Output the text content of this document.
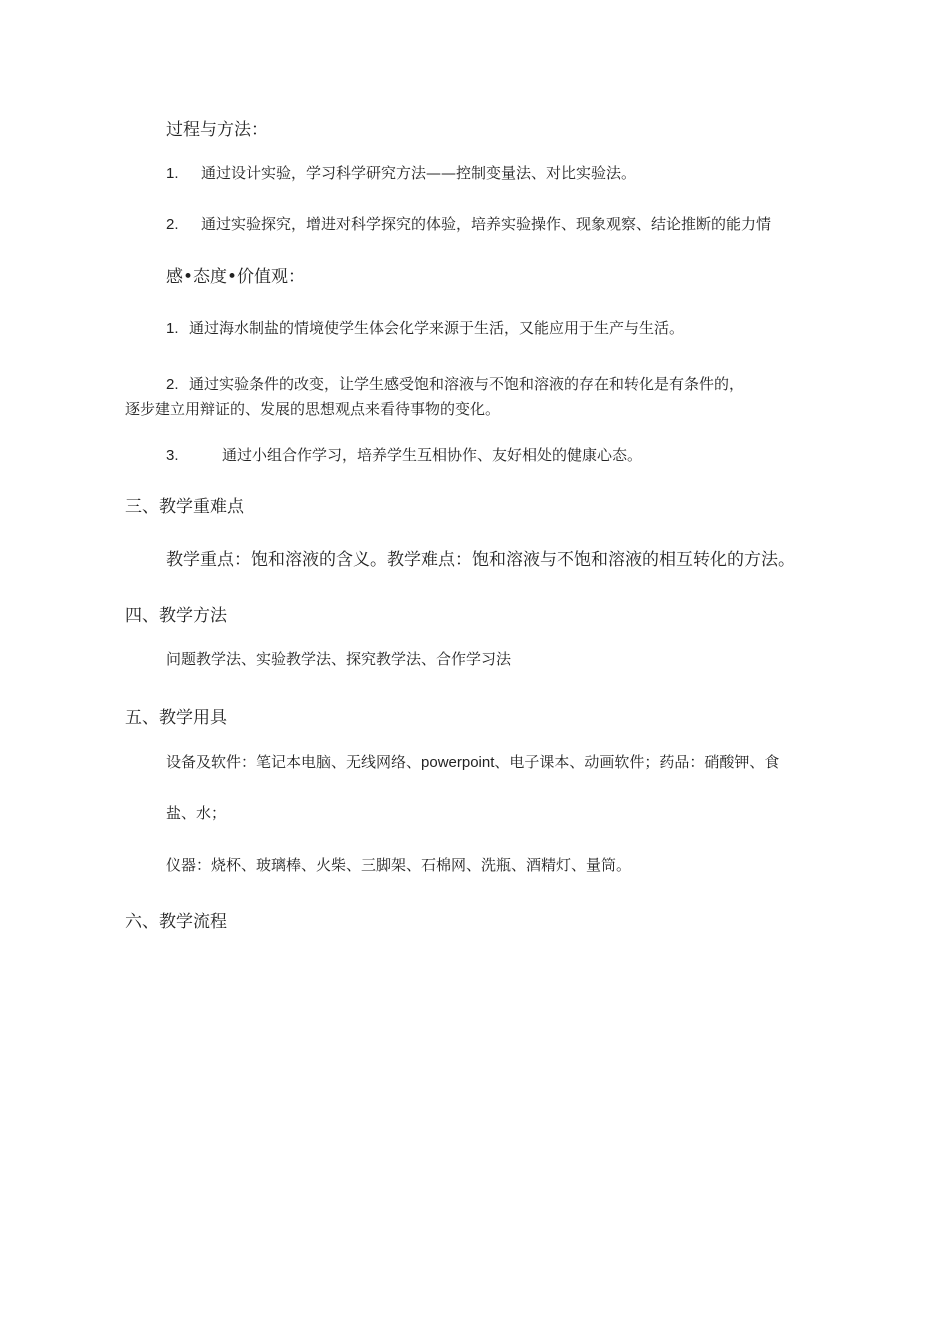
过程与方法：
1. 通过设计实验，学习科学研究方法——控制变量法、对比实验法。
2. 通过实验探究，增进对科学探究的体验，培养实验操作、现象观察、结论推断的能力情
感•态度•价值观：
1. 通过海水制盐的情境使学生体会化学来源于生活，又能应用于生产与生活。
2. 通过实验条件的改变，让学生感受饱和溶液与不饱和溶液的存在和转化是有条件的，
逐步建立用辩证的、发展的思想观点来看待事物的变化。
3.	通过小组合作学习，培养学生互相协作、友好相处的健康心态。
三、教学重难点
教学重点：饱和溶液的含义。教学难点：饱和溶液与不饱和溶液的相互转化的方法。
四、教学方法
问题教学法、实验教学法、探究教学法、合作学习法
五、教学用具
设备及软件：笔记本电脑、无线网络、powerpoint、电子课本、动画软件；药品：硝酸钾、食
盐、水；
仪器：烧杯、玻璃棒、火柴、三脚架、石棉网、洗瓶、酒精灯、量筒。
六、教学流程
